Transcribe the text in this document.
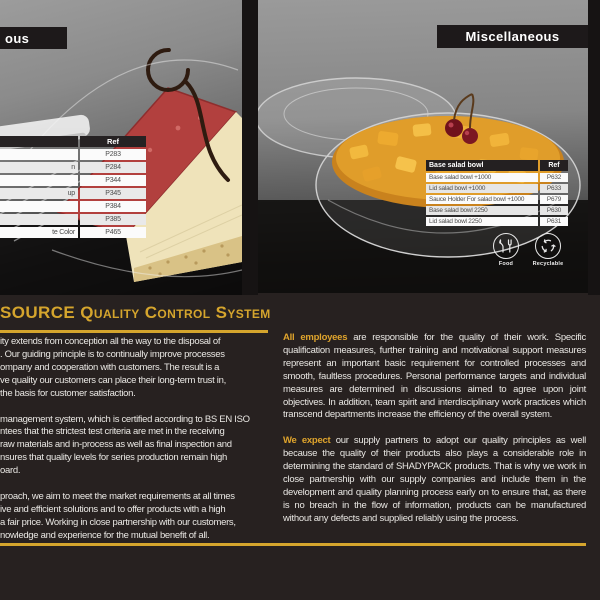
ous	Miscellaneous
	Ref
	P283
n	P284
	P344
up	P345
	P384
	P385
te Color	P465
Base salad bowl	Ref
Base salad bowl +1000	P632
Lid salad bowl +1000	P633
Sauce Holder For salad bowl +1000	P679
Base salad bowl 2250	P630
Lid salad bowl 2250	P631
Food	Recyclable
SOURCE Quality Control System
ity extends from conception all the way to the disposal of
. Our guiding principle is to continually improve processes
ompany and cooperation with customers. The result is a
ve quality our customers can place their long-term trust in,
the basis for customer satisfaction.
management system, which is certified according to BS EN ISO
ntees that the strictest test criteria are met in the receiving
raw materials and in-process as well as final inspection and
nsures that quality levels for series production remain high
oard.
proach, we aim to meet the market requirements at all times
ive and efficient solutions and to offer products with a high
a fair price. Working in close partnership with our customers,
nowledge and experience for the mutual benefit of all.

All employees are responsible for the quality of their work. Specific qualification measures, further training and motivational support measures represent an important basic requirement for controlled processes and smooth, faultless procedures. Personal performance targets and individual measures are determined in discussions aimed to agree upon joint objectives. In addition, team spirit and interdisciplinary work practices which transcend departments increase the efficiency of the overall system.

We expect our supply partners to adopt our quality principles as well because the quality of their products also plays a considerable role in determining the standard of SHADYPACK products. That is why we work in close partnership with our supply companies and include them in the development and quality planning process early on to ensure that, as there is no breach in the flow of information, products can be manufactured without any defects and supplied reliably using the process.
